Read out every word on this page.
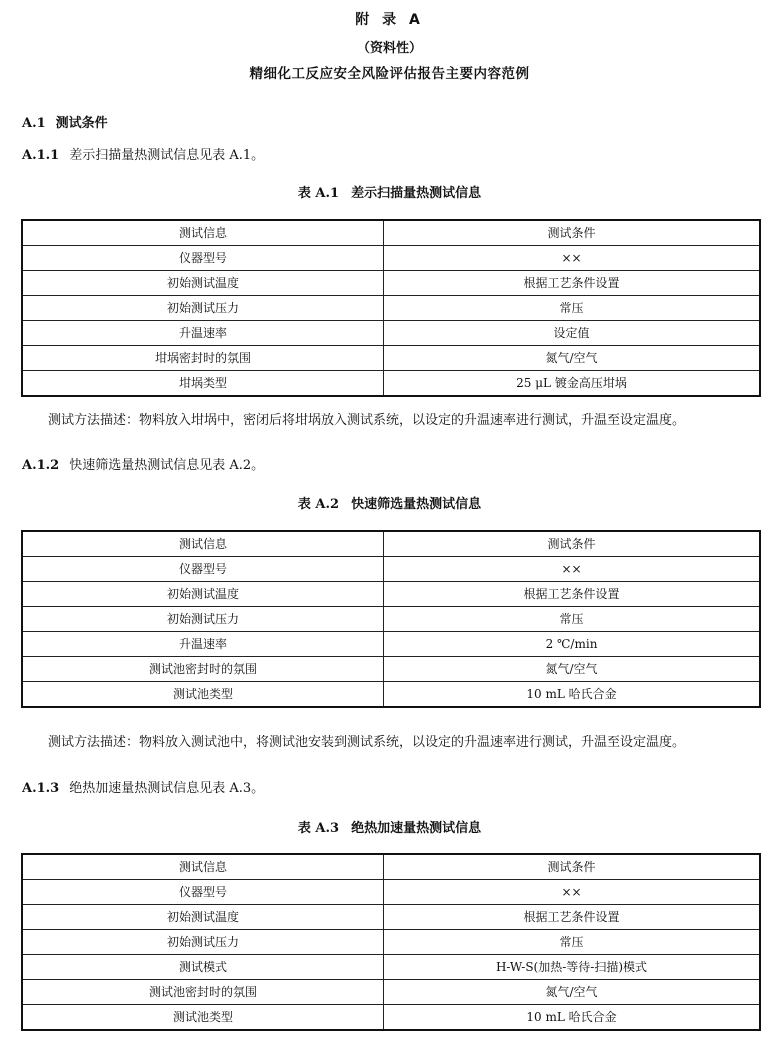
附 录 A
（资料性）
精细化工反应安全风险评估报告主要内容范例
A.1 测试条件
A.1.1 差示扫描量热测试信息见表 A.1。
表 A.1 差示扫描量热测试信息
测试信息	测试条件
仪器型号	××
初始测试温度	根据工艺条件设置
初始测试压力	常压
升温速率	设定值
坩埚密封时的氛围	氮气/空气
坩埚类型	25 μL 镀金高压坩埚
测试方法描述：物料放入坩埚中，密闭后将坩埚放入测试系统，以设定的升温速率进行测试，升温至设定温度。
A.1.2 快速筛选量热测试信息见表 A.2。
表 A.2 快速筛选量热测试信息
测试信息	测试条件
仪器型号	××
初始测试温度	根据工艺条件设置
初始测试压力	常压
升温速率	2 ℃/min
测试池密封时的氛围	氮气/空气
测试池类型	10 mL 哈氏合金
测试方法描述：物料放入测试池中，将测试池安装到测试系统，以设定的升温速率进行测试，升温至设定温度。
A.1.3 绝热加速量热测试信息见表 A.3。
表 A.3 绝热加速量热测试信息
测试信息	测试条件
仪器型号	××
初始测试温度	根据工艺条件设置
初始测试压力	常压
测试模式	H-W-S(加热-等待-扫描)模式
测试池密封时的氛围	氮气/空气
测试池类型	10 mL 哈氏合金
